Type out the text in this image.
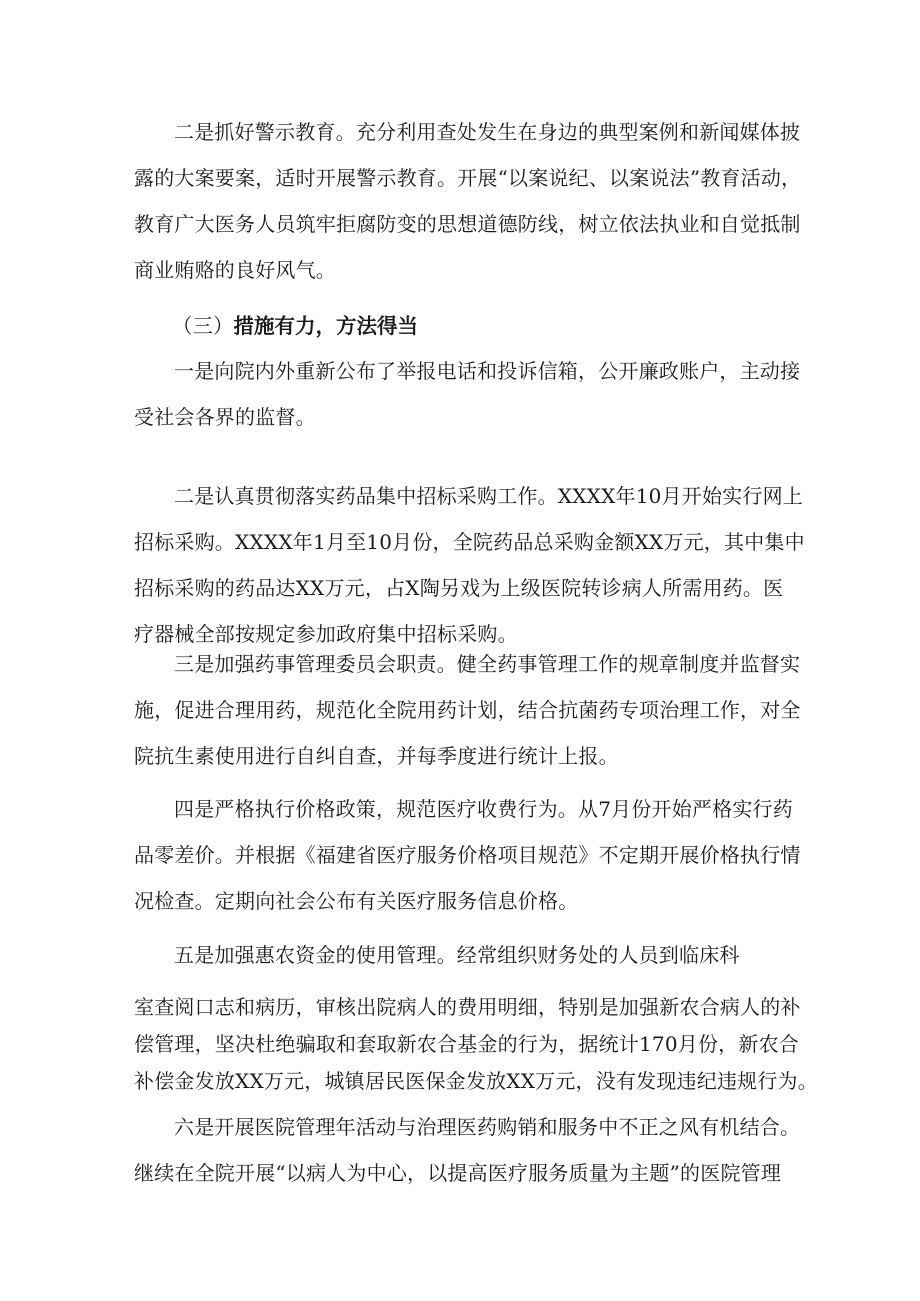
二是抓好警示教育。充分利用查处发生在身边的典型案例和新闻媒体披
露的大案要案，适时开展警示教育。开展“以案说纪、以案说法”教育活动，
教育广大医务人员筑牢拒腐防变的思想道德防线，树立依法执业和自觉抵制
商业贿赂的良好风气。

（三）措施有力，方法得当

一是向院内外重新公布了举报电话和投诉信箱，公开廉政账户，主动接
受社会各界的监督。

二是认真贯彻落实药品集中招标采购工作。XXXX年10月开始实行网上
招标采购。XXXX年1月至10月份，全院药品总采购金额XX万元，其中集中
招标采购的药品达XX万元，占X陶另戏为上级医院转诊病人所需用药。医
疗器械全部按规定参加政府集中招标采购。

三是加强药事管理委员会职责。健全药事管理工作的规章制度并监督实
施，促进合理用药，规范化全院用药计划，结合抗菌药专项治理工作，对全
院抗生素使用进行自纠自查，并每季度进行统计上报。

四是严格执行价格政策，规范医疗收费行为。从7月份开始严格实行药
品零差价。并根据《福建省医疗服务价格项目规范》不定期开展价格执行情
况检查。定期向社会公布有关医疗服务信息价格。

五是加强惠农资金的使用管理。经常组织财务处的人员到临床科

室查阅口志和病历，审核出院病人的费用明细，特别是加强新农合病人的补
偿管理，坚决杜绝骗取和套取新农合基金的行为，据统计170月份，新农合
补偿金发放XX万元，城镇居民医保金发放XX万元，没有发现违纪违规行为。

六是开展医院管理年活动与治理医药购销和服务中不正之风有机结合。
继续在全院开展“以病人为中心，以提高医疗服务质量为主题”的医院管理
